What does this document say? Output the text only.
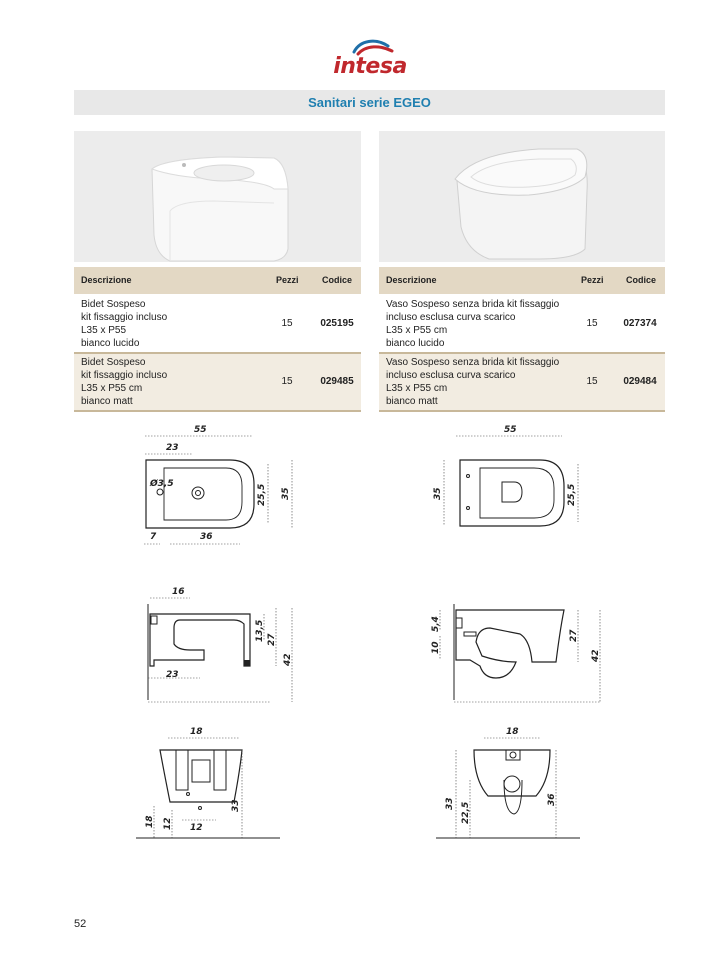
intesa
Sanitari serie EGEO
Descrizione	Pezzi	Codice	Descrizione	Pezzi Codice
Bidet Sospeso
kit fissaggio incluso
L35 x P55
bianco lucido
15	025195
Bidet Sospeso
kit fissaggio incluso
L35 x P55 cm
bianco matt
15	029485
Vaso Sospeso senza brida kit fissaggio
incluso esclusa curva scarico
L35 x P55 cm
bianco lucido
15	027374
Vaso Sospeso senza brida kit fissaggio
incluso esclusa curva scarico
L35 x P55 cm
bianco matt
15	029484
55
23
Ø3,5	25,5 35
7	36
55
35	25,5
16
23
13,5 27
42
5,4
10
27
42
18
18 12 12
33
18
33 22,5
36
52
